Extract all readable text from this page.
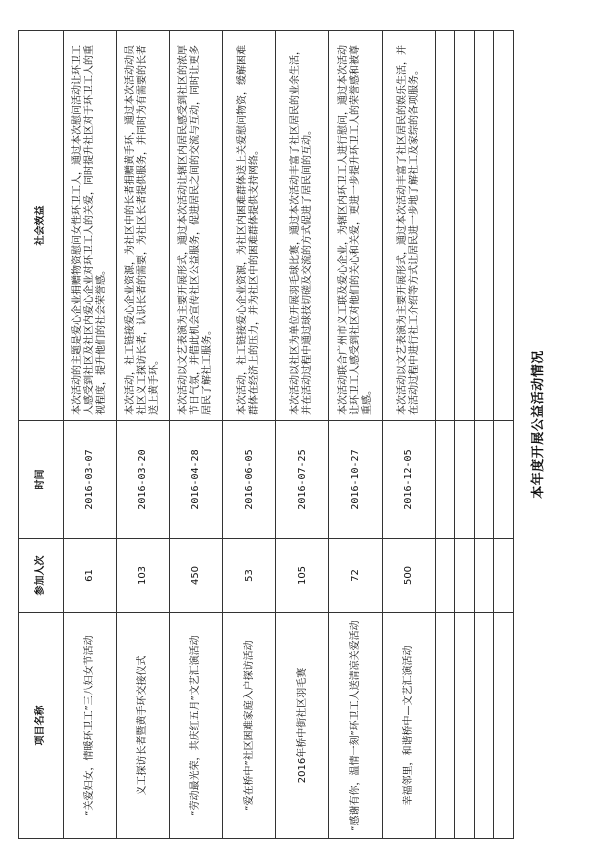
本年度开展公益活动情况
项目名称	参加人次	时间	社会效益
“关爱妇女，情暖环卫工”三八妇女节活动	61	2016-03-07	本次活动的主题是爱心企业捐赠物资慰问女性环卫工人，通过本次慰问活动让环卫工人感受到社区及社区内爱心企业对环卫工人的关爱，同时提升社区对于环卫工人的重视程度，提升他们的社会荣誉感。
义工探访长者暨黄手环交接仪式	103	2016-03-20	本次活动，社工链接爱心企业资源，为社区中的长者捐赠黄手环，通过本次活动动员社区义工探访长者，认识长者的需要，为社区长者提供服务，并同时为有需要的长者送上黄手环。
“劳动最光荣，共庆红五月”文艺汇演活动	450	2016-04-28	本次活动以文艺表演为主要开展形式，通过本次活动让辖区内居民感受到社区的浓厚节日气氛，并借此机会宣传社区公益服务，促进居民之间的交流与互动，同时让更多居民了解社工服务。
“爱在桥中”社区困难家庭入户探访活动	53	2016-06-05	本次活动，社工链接爱心企业资源，为社区内困难群体送上关爱慰问物资，缓解困难群体在经济上的压力，并为社区中的困难群体提供支持网络。
2016年桥中街社区羽毛赛	105	2016-07-25	本次活动以社区为单位开展羽毛球比赛，通过本次活动丰富了社区居民的业余生活，并在活动过程中通过球技切磋及交流的方式促进了居民间的互动。
“感谢有你，温情一刻”环卫工人送清凉关爱活动	72	2016-10-27	本次活动联合广州市义工联及爱心企业，为辖区内环卫工人进行慰问，通过本次活动让环卫工人感受到社区对他们的关心和关爱，更进一步提升环卫工人的荣誉感和被尊重感。
幸福邻里，和谐桥中—文艺汇演活动	500	2016-12-05	本次活动以文艺表演为主要开展形式，通过本次活动丰富了社区居民的娱乐生活，并在活动过程中进行社工介绍等方式让居民进一步地了解社工及家综的各项服务。
